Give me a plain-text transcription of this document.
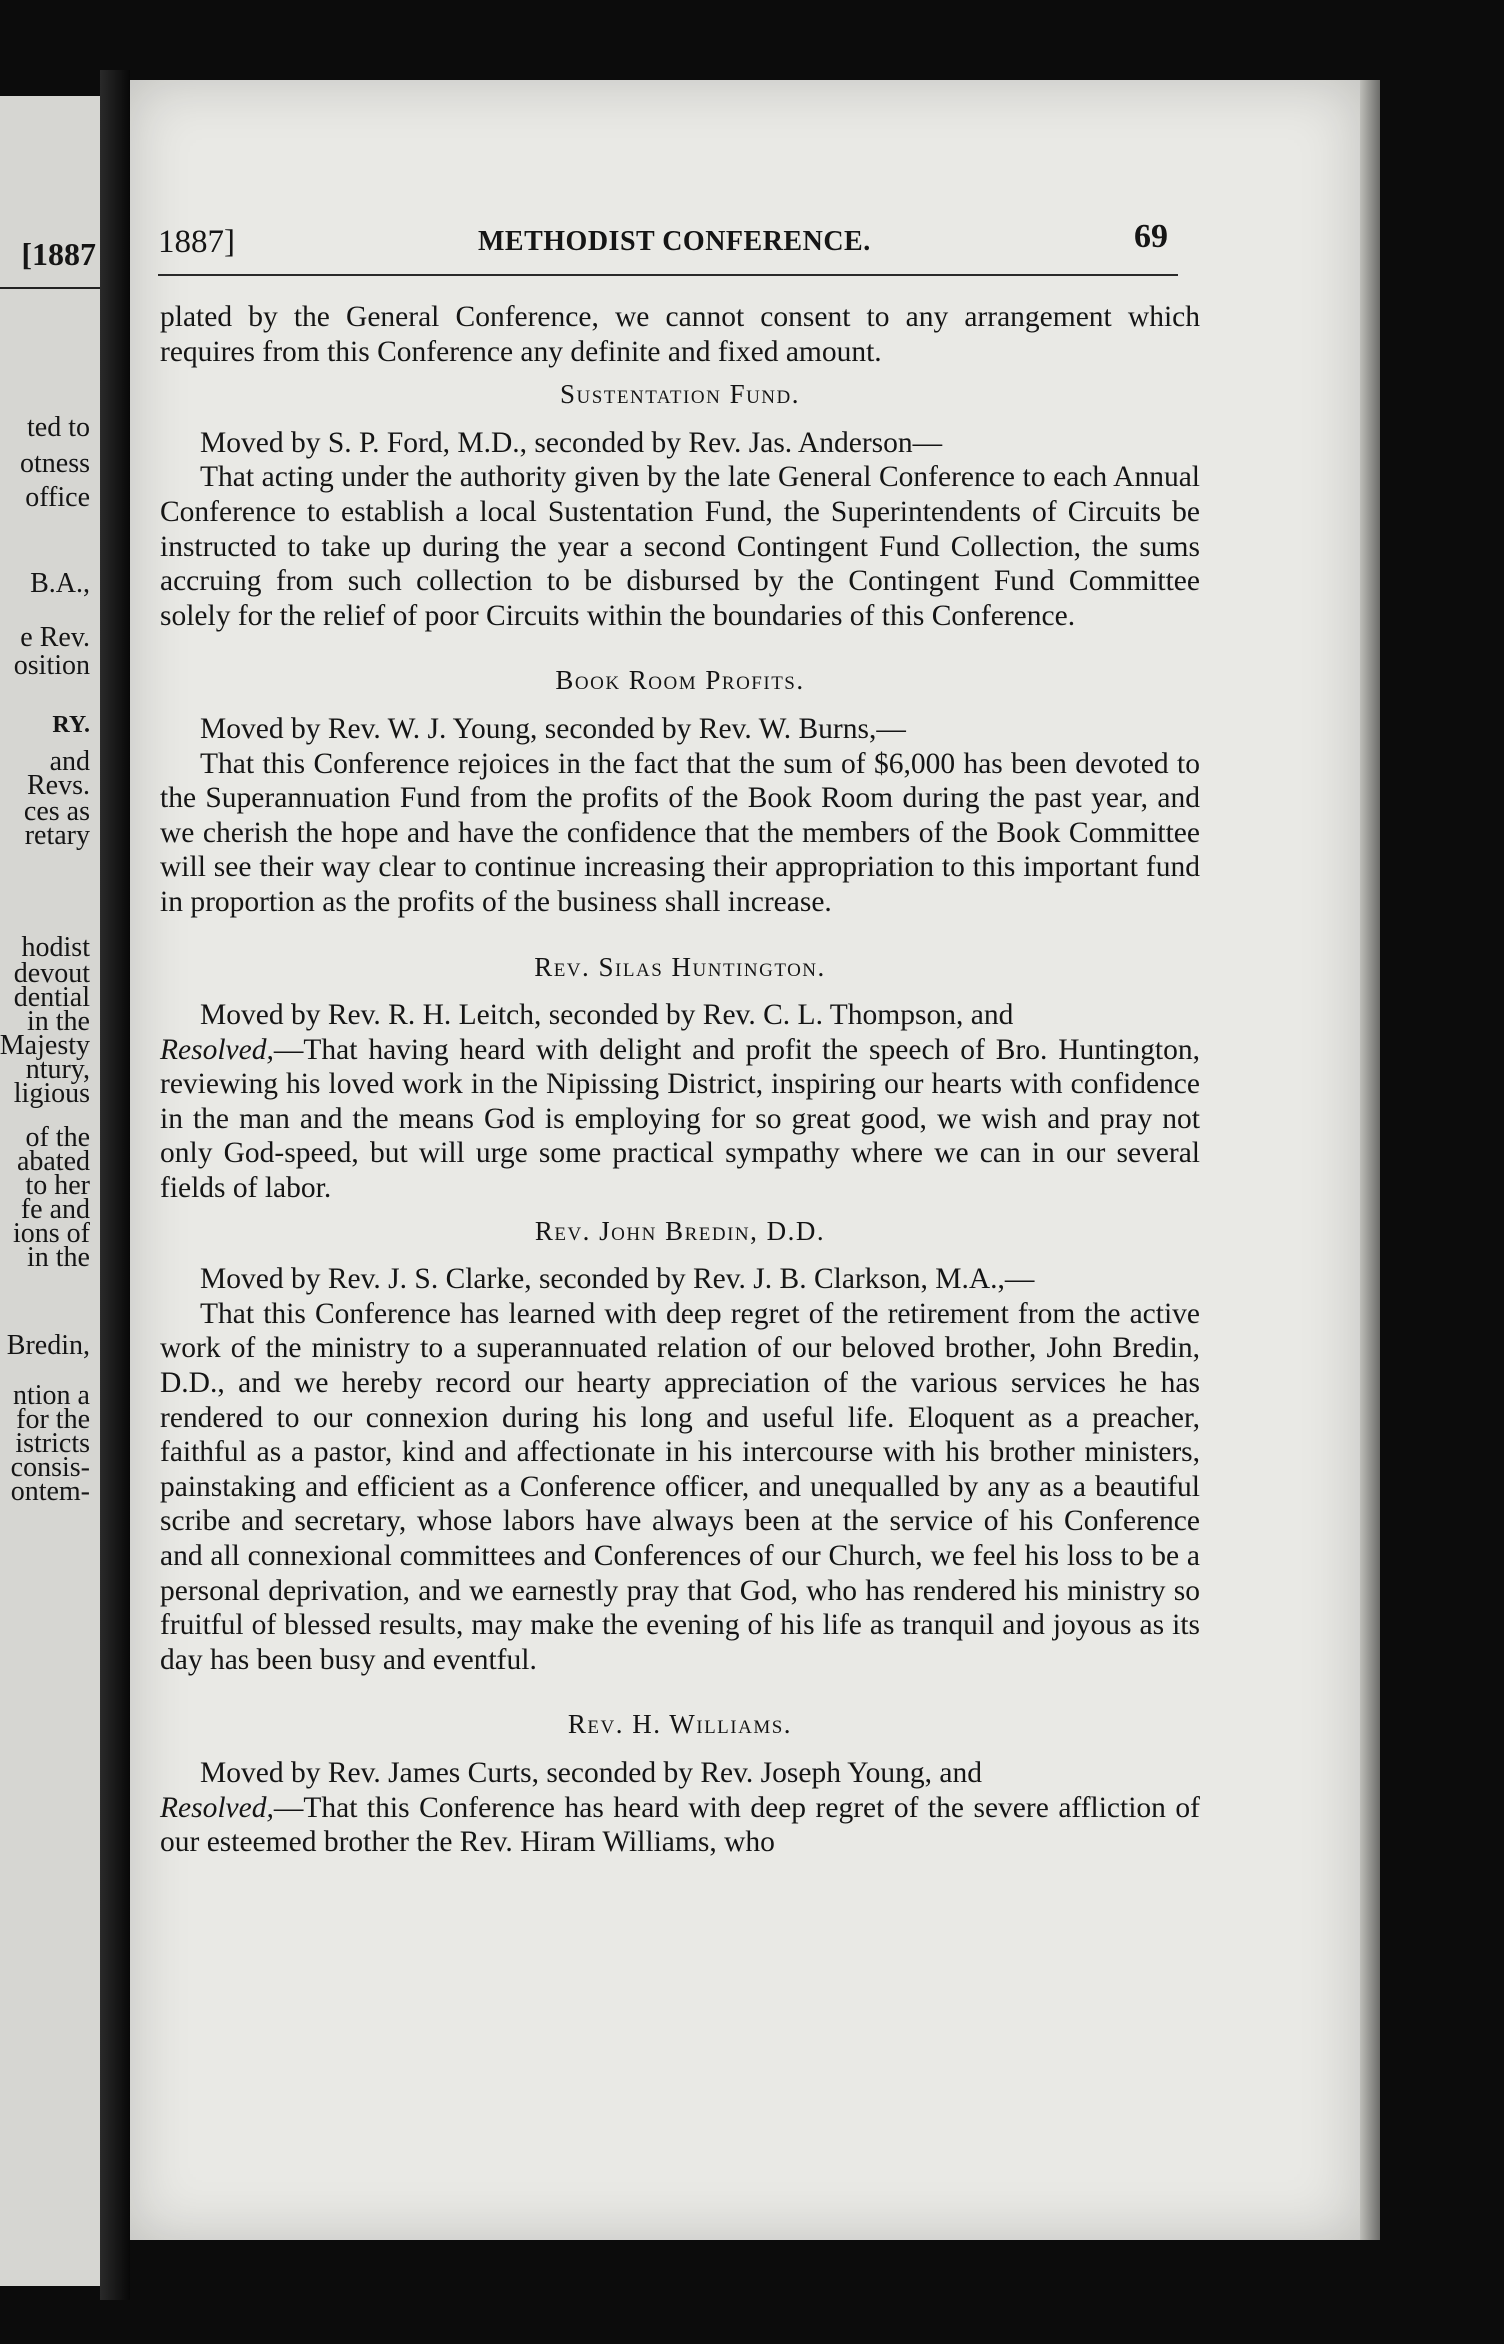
[1887
ted to
otness
office
B.A.,
e Rev.
osition
RY.
and
Revs.
ces as
retary
hodist
devout
dential
in the
Majesty
ntury,
ligious
of the
abated
to her
fe and
ions of
in the
Bredin,
ntion a
for the
istricts
consis-
ontem-
1887]	METHODIST CONFERENCE.	69

plated by the General Conference, we cannot consent to any arrangement which requires from this Conference any definite and fixed amount.

Sustentation Fund.

Moved by S. P. Ford, M.D., seconded by Rev. Jas. Anderson—

That acting under the authority given by the late General Conference to each Annual Conference to establish a local Sustentation Fund, the Superintendents of Circuits be instructed to take up during the year a second Contingent Fund Collection, the sums accruing from such collection to be disbursed by the Contingent Fund Committee solely for the relief of poor Circuits within the boundaries of this Conference.

Book Room Profits.

Moved by Rev. W. J. Young, seconded by Rev. W. Burns,—

That this Conference rejoices in the fact that the sum of $6,000 has been devoted to the Superannuation Fund from the profits of the Book Room during the past year, and we cherish the hope and have the confidence that the members of the Book Committee will see their way clear to continue increasing their appropriation to this important fund in proportion as the profits of the business shall increase.

Rev. Silas Huntington.

Moved by Rev. R. H. Leitch, seconded by Rev. C. L. Thompson, and

Resolved,—That having heard with delight and profit the speech of Bro. Huntington, reviewing his loved work in the Nipissing District, inspiring our hearts with confidence in the man and the means God is employing for so great good, we wish and pray not only God-speed, but will urge some practical sympathy where we can in our several fields of labor.

Rev. John Bredin, D.D.

Moved by Rev. J. S. Clarke, seconded by Rev. J. B. Clarkson, M.A.,—

That this Conference has learned with deep regret of the retirement from the active work of the ministry to a superannuated relation of our beloved brother, John Bredin, D.D., and we hereby record our hearty appreciation of the various services he has rendered to our connexion during his long and useful life. Eloquent as a preacher, faithful as a pastor, kind and affectionate in his intercourse with his brother ministers, painstaking and efficient as a Conference officer, and unequalled by any as a beautiful scribe and secretary, whose labors have always been at the service of his Conference and all connexional committees and Conferences of our Church, we feel his loss to be a personal deprivation, and we earnestly pray that God, who has rendered his ministry so fruitful of blessed results, may make the evening of his life as tranquil and joyous as its day has been busy and eventful.

Rev. H. Williams.

Moved by Rev. James Curts, seconded by Rev. Joseph Young, and

Resolved,—That this Conference has heard with deep regret of the severe affliction of our esteemed brother the Rev. Hiram Williams, who
